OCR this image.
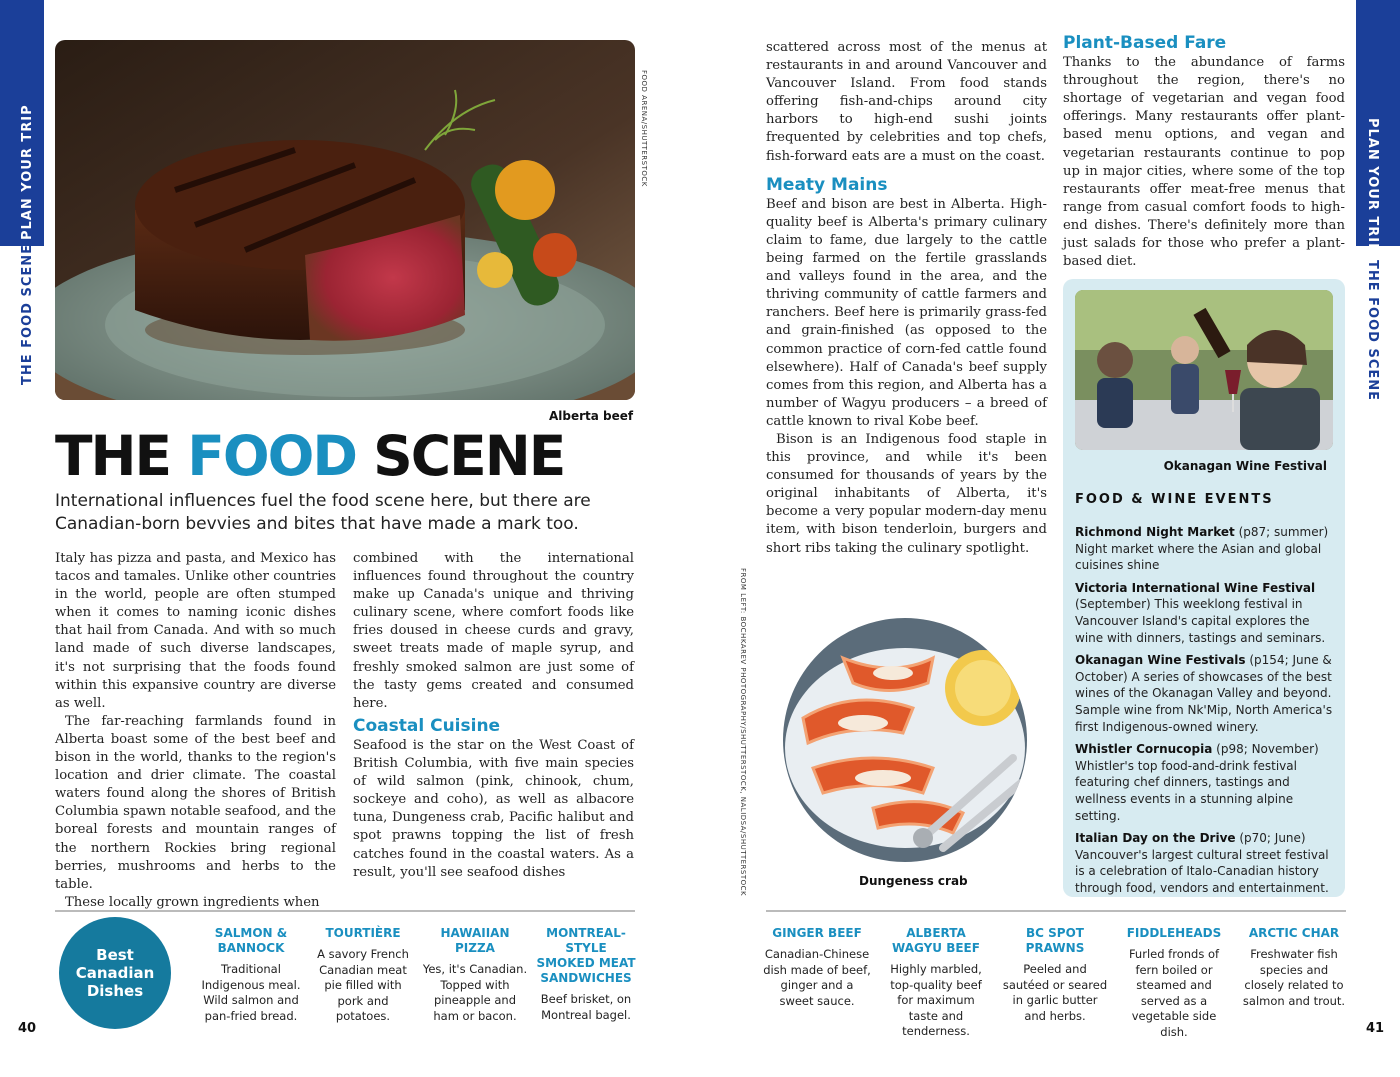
PLAN YOUR TRIP
THE FOOD SCENE
PLAN YOUR TRIP
THE FOOD SCENE
FOOD ARENA/SHUTTERSTOCK
Alberta beef
THE FOOD SCENE
International influences fuel the food scene here, but there are Canadian-born bevvies and bites that have made a mark too.

Italy has pizza and pasta, and Mexico has tacos and tamales. Unlike other countries in the world, people are often stumped when it comes to naming iconic dishes that hail from Canada. And with so much land made of such diverse landscapes, it's not surprising that the foods found within this expansive country are diverse as well.

The far-reaching farmlands found in Alberta boast some of the best beef and bison in the world, thanks to the region's location and drier climate. The coastal waters found along the shores of British Columbia spawn notable seafood, and the boreal forests and mountain ranges of the northern Rockies bring regional berries, mushrooms and herbs to the table.

These locally grown ingredients when

combined with the international influences found throughout the country make up Canada's unique and thriving culinary scene, where comfort foods like fries doused in cheese curds and gravy, sweet treats made of maple syrup, and freshly smoked salmon are just some of the tasty gems created and consumed here.

Coastal Cuisine

Seafood is the star on the West Coast of British Columbia, with five main species of wild salmon (pink, chinook, chum, sockeye and coho), as well as albacore tuna, Dungeness crab, Pacific halibut and spot prawns topping the list of fresh catches found in the coastal waters. As a result, you'll see seafood dishes

scattered across most of the menus at restaurants in and around Vancouver and Vancouver Island. From food stands offering fish-and-chips around city harbors to high-end sushi joints frequented by celebrities and top chefs, fish-forward eats are a must on the coast.

Meaty Mains

Beef and bison are best in Alberta. High-quality beef is Alberta's primary culinary claim to fame, due largely to the cattle being farmed on the fertile grasslands and valleys found in the area, and the thriving community of cattle farmers and ranchers. Beef here is primarily grass-fed and grain-finished (as opposed to the common practice of corn-fed cattle found elsewhere). Half of Canada's beef supply comes from this region, and Alberta has a number of Wagyu producers – a breed of cattle known to rival Kobe beef.

Bison is an Indigenous food staple in this province, and while it's been consumed for thousands of years by the original inhabitants of Alberta, it's become a very popular modern-day menu item, with bison tenderloin, burgers and short ribs taking the culinary spotlight.

Plant-Based Fare

Thanks to the abundance of farms throughout the region, there's no shortage of vegetarian and vegan food offerings. Many restaurants offer plant-based menu options, and vegan and vegetarian restaurants continue to pop up in major cities, where some of the top restaurants offer meat-free menus that range from casual comfort foods to high-end dishes. There's definitely more than just salads for those who prefer a plant-based diet.

FROM LEFT: BOCHKAREV PHOTOGRAPHY/SHUTTERSTOCK, NALIDSA/SHUTTERSTOCK	Dungeness crab
Okanagan Wine Festival
FOOD & WINE EVENTS
Richmond Night Market (p87; summer)
Night market where the Asian and global cuisines shine
Victoria International Wine Festival
(September) This weeklong festival in Vancouver Island's capital explores the wine with dinners, tastings and seminars.
Okanagan Wine Festivals (p154; June & October) A series of showcases of the best wines of the Okanagan Valley and beyond. Sample wine from Nk'Mip, North America's first Indigenous-owned winery.
Whistler Cornucopia (p98; November)
Whistler's top food-and-drink festival featuring chef dinners, tastings and wellness events in a stunning alpine setting.
Italian Day on the Drive (p70; June)
Vancouver's largest cultural street festival is a celebration of Italo-Canadian history through food, vendors and entertainment.
Best Canadian Dishes
SALMON & BANNOCK
Traditional Indigenous meal. Wild salmon and pan-fried bread.
TOURTIÈRE
A savory French Canadian meat pie filled with pork and potatoes.
HAWAIIAN PIZZA
Yes, it's Canadian. Topped with pineapple and ham or bacon.
MONTREAL-STYLE SMOKED MEAT SANDWICHES
Beef brisket, on Montreal bagel.
GINGER BEEF
Canadian-Chinese dish made of beef, ginger and a sweet sauce.
ALBERTA WAGYU BEEF
Highly marbled, top-quality beef for maximum taste and tenderness.
BC SPOT PRAWNS
Peeled and sautéed or seared in garlic butter and herbs.
FIDDLEHEADS
Furled fronds of fern boiled or steamed and served as a vegetable side dish.
ARCTIC CHAR
Freshwater fish species and closely related to salmon and trout.
40	41
